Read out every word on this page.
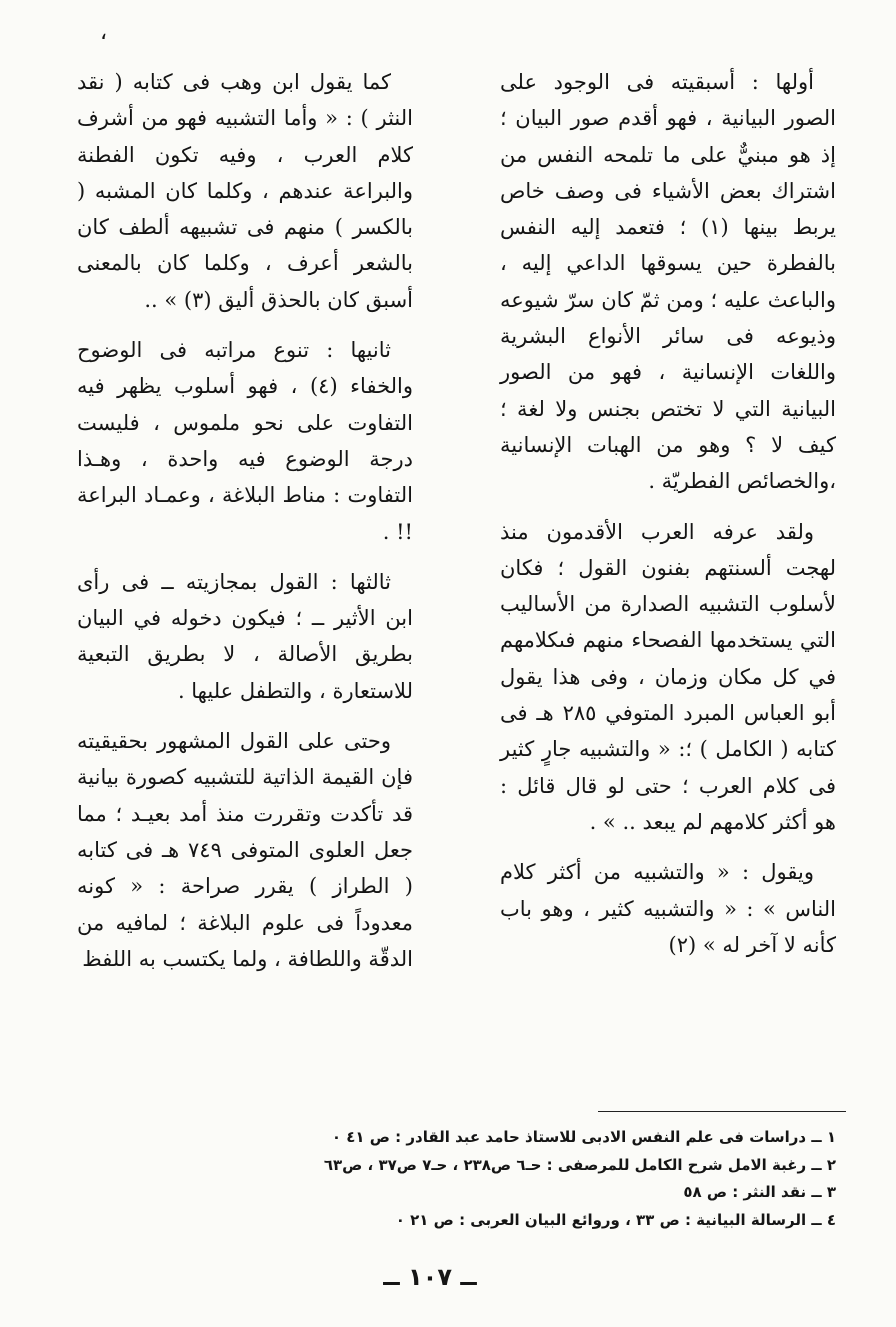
،

أولها : أسبقيته فى الوجود على الصور البيانية ، فهو أقدم صور البيان ؛ إذ هو مبنيٌّ على ما تلمحه النفس من اشتراك بعض الأشياء فى وصف خاص يربط بينها (١) ؛ فتعمد إليه النفس بالفطرة حين يسوقها الداعي إليه ، والباعث عليه ؛ ومن ثمّ كان سرّ شيوعه وذيوعه فى سائر الأنواع البشرية واللغات الإنسانية ، فهو من الصور البيانية التي لا تختص بجنس ولا لغة ؛ كيف لا ؟ وهو من الهبات الإنسانية ،والخصائص الفطريّة .

ولقد عرفه العرب الأقدمون منذ لهجت ألسنتهم بفنون القول ؛ فكان لأسلوب التشبيه الصدارة من الأساليب التي يستخدمها الفصحاء منهم فىكلامهم في كل مكان وزمان ، وفى هذا يقول أبو العباس المبرد المتوفي ٢٨٥ هـ فى كتابه ( الكامل ) ؛: « والتشبيه جارٍ كثير فى كلام العرب ؛ حتى لو قال قائل : هو أكثر كلامهم لم يبعد .. » .

ويقول : « والتشبيه من أكثر كلام الناس » : « والتشبيه كثير ، وهو باب كأنه لا آخر له » (٢)

كما يقول ابن وهب فى كتابه ( نقد النثر ) : « وأما التشبيه فهو من أشرف كلام العرب ، وفيه تكون الفطنة والبراعة عندهم ، وكلما كان المشبه ( بالكسر ) منهم فى تشبيهه ألطف كان بالشعر أعرف ، وكلما كان بالمعنى أسبق كان بالحذق أليق (٣) » ..

ثانيها : تنوع مراتبه فى الوضوح والخفاء (٤) ، فهو أسلوب يظهر فيه التفاوت على نحو ملموس ، فليست درجة الوضوع فيه واحدة ، وهـذا التفاوت : مناط البلاغة ، وعمـاد البراعة !! .

ثالثها : القول بمجازيته ــ فى رأى ابن الأثير ــ ؛ فيكون دخوله في البيان بطريق الأصالة ، لا بطريق التبعية للاستعارة ، والتطفل عليها .

وحتى على القول المشهور بحقيقيته فإن القيمة الذاتية للتشبيه كصورة بيانية قد تأكدت وتقررت منذ أمد بعيـد ؛ مما جعل العلوى المتوفى ٧٤٩ هـ فى كتابه ( الطراز ) يقرر صراحة : « كونه معدوداً فى علوم البلاغة ؛ لمافيه من الدقّة واللطافة ، ولما يكتسب به اللفظ

١ ــ دراسات فى علم النفس الادبى للاستاذ حامد عبد القادر : ص ٤١ ٠
٢ ــ رغبة الامل شرح الكامل للمرصفى : حـ٦ ص٢٣٨ ، حـ٧ ص٣٧ ، ص٦٣
٣ ــ نقد النثر : ص ٥٨
٤ ــ الرسالة البيانية : ص ٣٣ ، وروائع البيان العربى : ص ٢١ ٠
ــ ١٠٧ ــ
